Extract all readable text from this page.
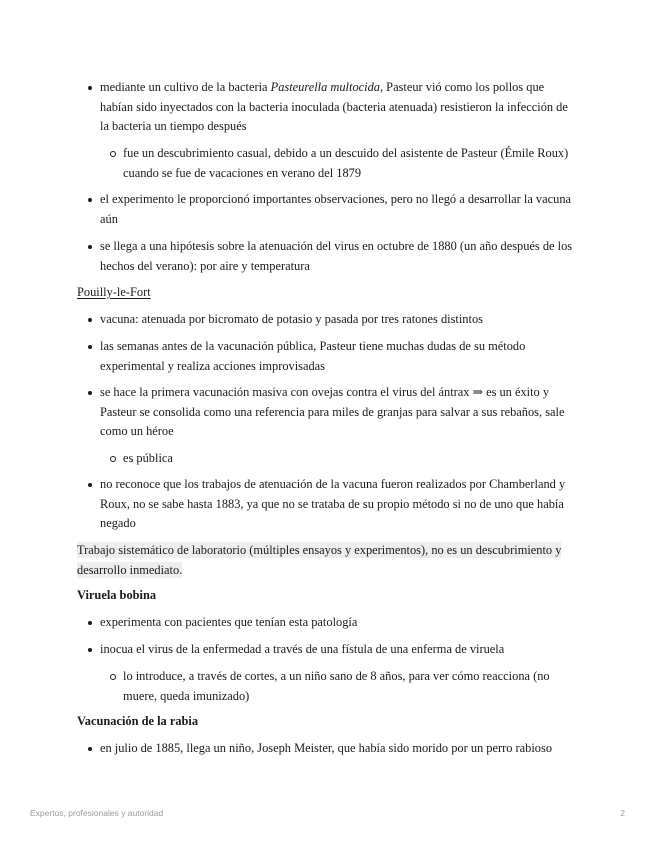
mediante un cultivo de la bacteria Pasteurella multocida, Pasteur vió como los pollos que habían sido inyectados con la bacteria inoculada (bacteria atenuada) resistieron la infección de la bacteria un tiempo después
fue un descubrimiento casual, debido a un descuido del asistente de Pasteur (Émile Roux) cuando se fue de vacaciones en verano del 1879
el experimento le proporcionó importantes observaciones, pero no llegó a desarrollar la vacuna aún
se llega a una hipótesis sobre la atenuación del virus en octubre de 1880 (un año después de los hechos del verano): por aire y temperatura
Pouilly-le-Fort
vacuna: atenuada por bicromato de potasio y pasada por tres ratones distintos
las semanas antes de la vacunación pública, Pasteur tiene muchas dudas de su método experimental y realiza acciones improvisadas
se hace la primera vacunación masiva con ovejas contra el virus del ántrax ⇒ es un éxito y Pasteur se consolida como una referencia para miles de granjas para salvar a sus rebaños, sale como un héroe
es pública
no reconoce que los trabajos de atenuación de la vacuna fueron realizados por Chamberland y Roux, no se sabe hasta 1883, ya que no se trataba de su propio método si no de uno que había negado
Trabajo sistemático de laboratorio (múltiples ensayos y experimentos), no es un descubrimiento y desarrollo inmediato.
Viruela bobina
experimenta con pacientes que tenían esta patología
inocua el virus de la enfermedad a través de una fístula de una enferma de viruela
lo introduce, a través de cortes, a un niño sano de 8 años, para ver cómo reacciona (no muere, queda imunizado)
Vacunación de la rabia
en julio de 1885, llega un niño, Joseph Meister, que había sido morido por un perro rabioso
Expertos, profesionales y autoridad	2
